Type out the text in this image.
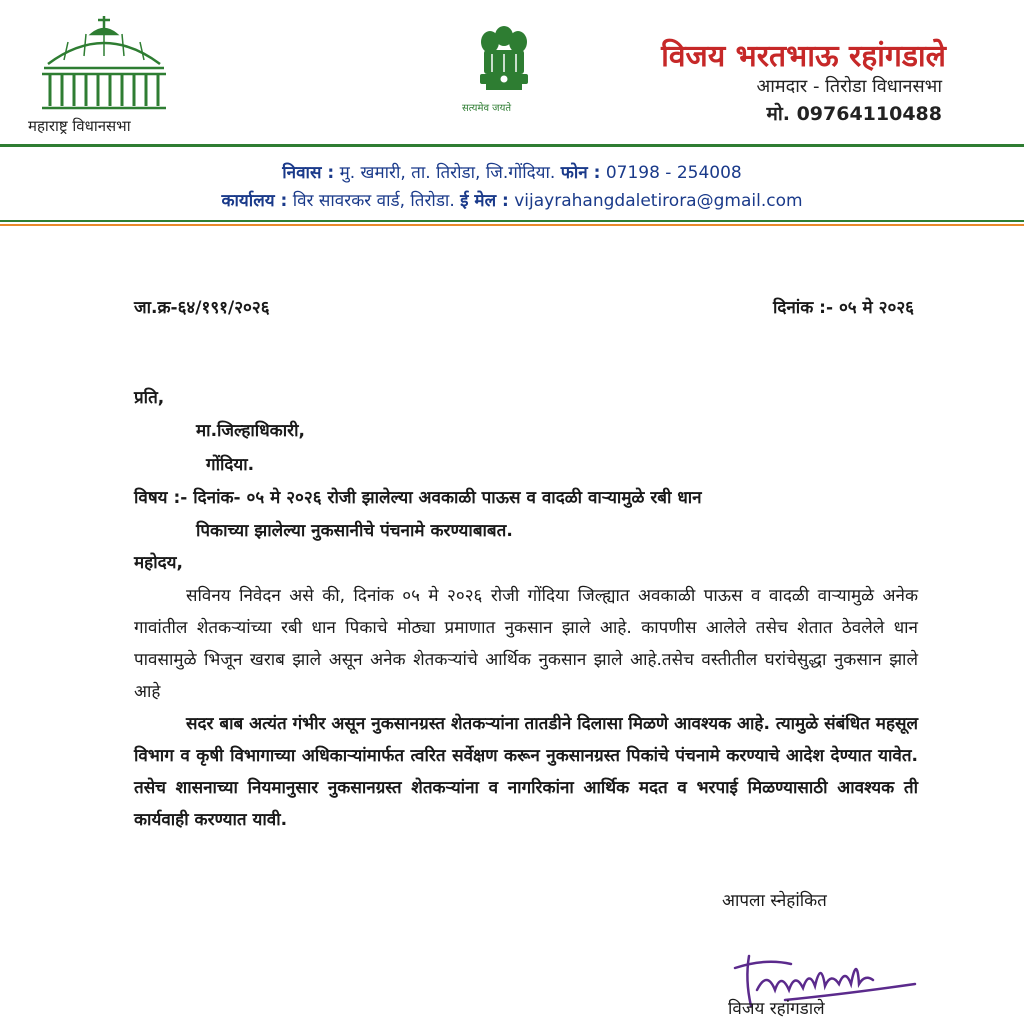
महाराष्ट्र विधानसभा
सत्यमेव जयते
विजय भरतभाऊ रहांगडाले
आमदार - तिरोडा विधानसभा
मो. 09764110488
निवास : मु. खमारी, ता. तिरोडा, जि.गोंदिया. फोन : 07198 - 254008
कार्यालय : विर सावरकर वार्ड, तिरोडा. ई मेल : vijayrahangdaletirora@gmail.com
जा.क्र-६४/१९१/२०२६	दिनांक :- ०५ मे २०२६
प्रति,
मा.जिल्हाधिकारी,
गोंदिया.
विषय :- दिनांक- ०५ मे २०२६ रोजी झालेल्या अवकाळी पाऊस व वादळी वाऱ्यामुळे रबी धान
पिकाच्या झालेल्या नुकसानीचे पंचनामे करण्याबाबत.
महोदय,

सविनय निवेदन असे की, दिनांक ०५ मे २०२६ रोजी गोंदिया जिल्ह्यात अवकाळी पाऊस व वादळी वाऱ्यामुळे अनेक गावांतील शेतकऱ्यांच्या रबी धान पिकाचे मोठ्या प्रमाणात नुकसान झाले आहे. कापणीस आलेले तसेच शेतात ठेवलेले धान पावसामुळे भिजून खराब झाले असून अनेक शेतकऱ्यांचे आर्थिक नुकसान झाले आहे.तसेच वस्तीतील घरांचेसुद्धा नुकसान झाले आहे

सदर बाब अत्यंत गंभीर असून नुकसानग्रस्त शेतकऱ्यांना तातडीने दिलासा मिळणे आवश्यक आहे. त्यामुळे संबंधित महसूल विभाग व कृषी विभागाच्या अधिकाऱ्यांमार्फत त्वरित सर्वेक्षण करून नुकसानग्रस्त पिकांचे पंचनामे करण्याचे आदेश देण्यात यावेत. तसेच शासनाच्या नियमानुसार नुकसानग्रस्त शेतकऱ्यांना व नागरिकांना आर्थिक मदत व भरपाई मिळण्यासाठी आवश्यक ती कार्यवाही करण्यात यावी.

आपला स्नेहांकित
विजय रहांगडाले
